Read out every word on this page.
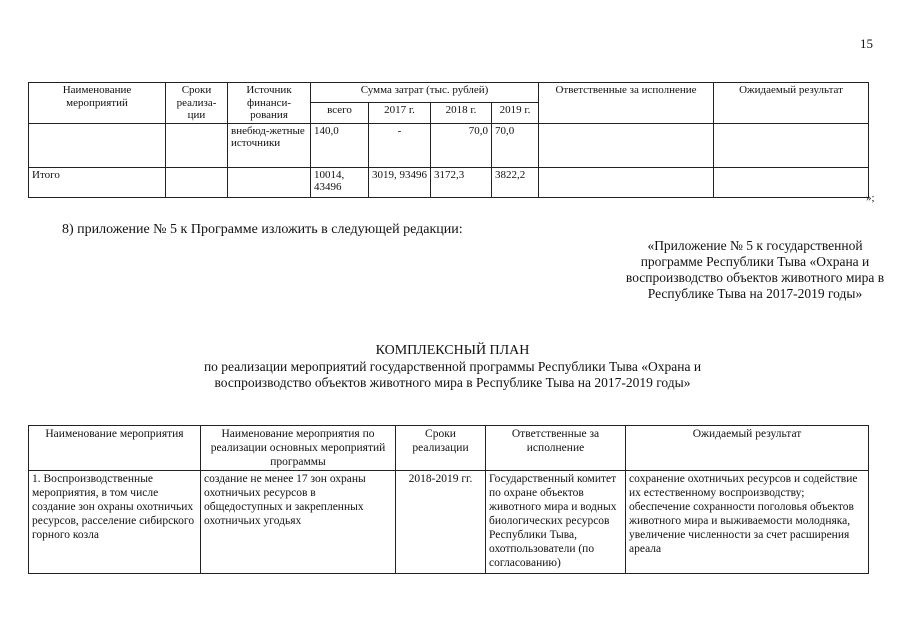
15
Наименование мероприятий	Сроки реализа-ции	Источник финанси-рования	Сумма затрат (тыс. рублей)				Ответственные за исполнение	Ожидаемый результат
			всего	2017 г.	2018 г.	2019 г.		
		внебюд-жетные источники	140,0	-	70,0	70,0		
Итого			10014, 43496	3019, 93496	3172,3	3822,2		
»;
8) приложение № 5 к Программе изложить в следующей редакции:
«Приложение № 5 к государственной программе Республики Тыва «Охрана и воспроизводство объектов животного мира в Республике Тыва на 2017-2019 годы»
КОМПЛЕКСНЫЙ ПЛАН
по реализации мероприятий государственной программы Республики Тыва «Охрана и воспроизводство объектов животного мира в Республике Тыва на 2017-2019 годы»
Наименование мероприятия	Наименование мероприятия по реализации основных мероприятий программы	Сроки реализации	Ответственные за исполнение	Ожидаемый результат
1. Воспроизводственные мероприятия, в том числе создание зон охраны охотничьих ресурсов, расселение сибирского горного козла	создание не менее 17 зон охраны охотничьих ресурсов в общедоступных и закрепленных охотничьих угодьях	2018-2019 гг.	Государственный комитет по охране объектов животного мира и водных биологических ресурсов Республики Тыва, охотпользователи (по согласованию)	сохранение охотничьих ресурсов и содействие их естественному воспроизводству; обеспечение сохранности поголовья объектов животного мира и выживаемости молодняка, увеличение численности за счет расширения ареала
